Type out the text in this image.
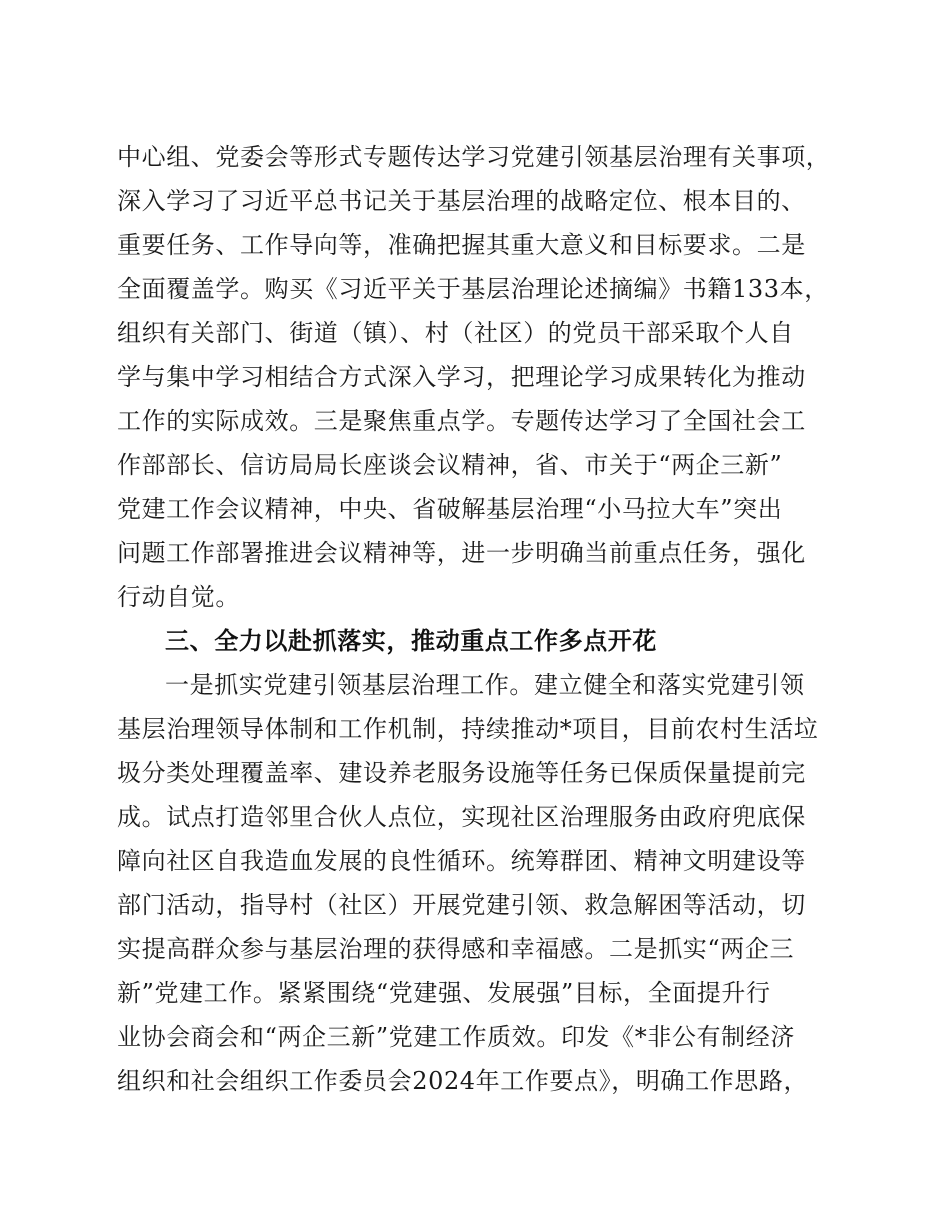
中心组、党委会等形式专题传达学习党建引领基层治理有关事项，
深入学习了习近平总书记关于基层治理的战略定位、根本目的、
重要任务、工作导向等，准确把握其重大意义和目标要求。二是
全面覆盖学。购买《习近平关于基层治理论述摘编》书籍133本，
组织有关部门、街道（镇）、村（社区）的党员干部采取个人自
学与集中学习相结合方式深入学习，把理论学习成果转化为推动
工作的实际成效。三是聚焦重点学。专题传达学习了全国社会工
作部部长、信访局局长座谈会议精神，省、市关于“两企三新”
党建工作会议精神，中央、省破解基层治理“小马拉大车”突出
问题工作部署推进会议精神等，进一步明确当前重点任务，强化
行动自觉。
三、全力以赴抓落实，推动重点工作多点开花
一是抓实党建引领基层治理工作。建立健全和落实党建引领
基层治理领导体制和工作机制，持续推动*项目，目前农村生活垃
圾分类处理覆盖率、建设养老服务设施等任务已保质保量提前完
成。试点打造邻里合伙人点位，实现社区治理服务由政府兜底保
障向社区自我造血发展的良性循环。统筹群团、精神文明建设等
部门活动，指导村（社区）开展党建引领、救急解困等活动，切
实提高群众参与基层治理的获得感和幸福感。二是抓实“两企三
新”党建工作。紧紧围绕“党建强、发展强”目标，全面提升行
业协会商会和“两企三新”党建工作质效。印发《*非公有制经济
组织和社会组织工作委员会2024年工作要点》，明确工作思路，
